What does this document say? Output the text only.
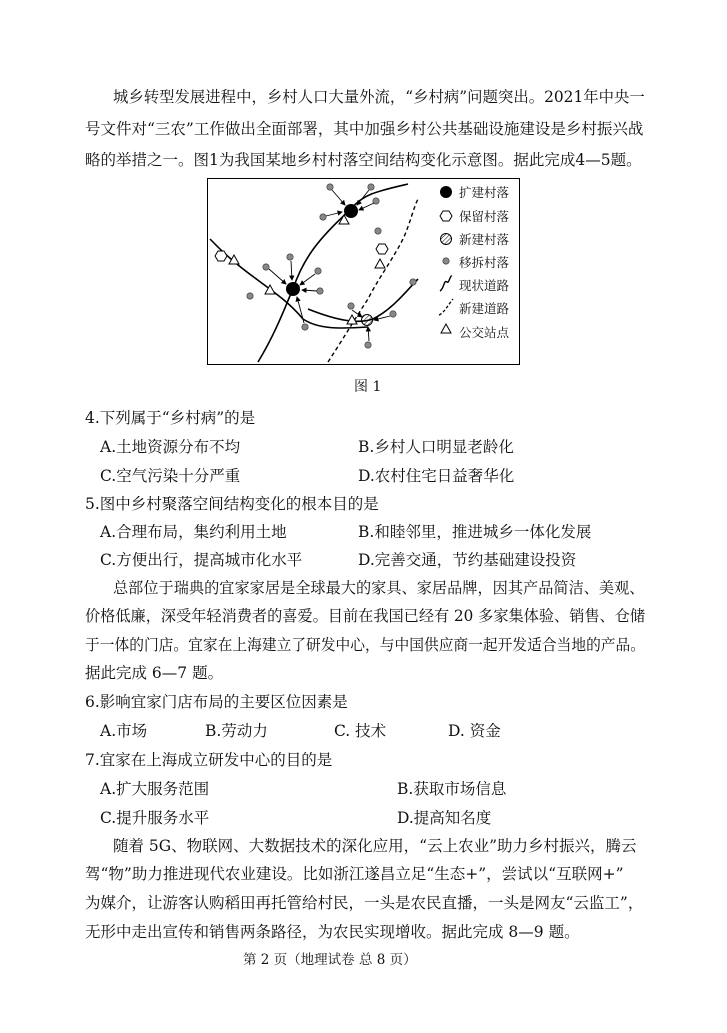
城乡转型发展进程中，乡村人口大量外流，“乡村病”问题突出。2021年中央一
号文件对“三农”工作做出全面部署，其中加强乡村公共基础设施建设是乡村振兴战
略的举措之一。图1为我国某地乡村村落空间结构变化示意图。据此完成4—5题。
扩建村落
保留村落
新建村落
移拆村落
现状道路
新建道路
公交站点
图 1
4.下列属于“乡村病”的是
A.土地资源分布不均	B.乡村人口明显老龄化
C.空气污染十分严重	D.农村住宅日益奢华化
5.图中乡村聚落空间结构变化的根本目的是
A.合理布局，集约利用土地	B.和睦邻里，推进城乡一体化发展
C.方便出行，提高城市化水平	D.完善交通，节约基础建设投资
总部位于瑞典的宜家家居是全球最大的家具、家居品牌，因其产品简洁、美观、
价格低廉，深受年轻消费者的喜爱。目前在我国已经有 20 多家集体验、销售、仓储
于一体的门店。宜家在上海建立了研发中心，与中国供应商一起开发适合当地的产品。
据此完成 6—7 题。
6.影响宜家门店布局的主要区位因素是
A.市场	B.劳动力	C. 技术	D. 资金
7.宜家在上海成立研发中心的目的是
A.扩大服务范围	B.获取市场信息
C.提升服务水平	D.提高知名度
随着 5G、物联网、大数据技术的深化应用，“云上农业”助力乡村振兴，腾云
驾“物”助力推进现代农业建设。比如浙江遂昌立足“生态+”，尝试以“互联网+”
为媒介，让游客认购稻田再托管给村民，一头是农民直播，一头是网友“云监工”，
无形中走出宣传和销售两条路径，为农民实现增收。据此完成 8—9 题。
第 2 页（地理试卷 总 8 页）
